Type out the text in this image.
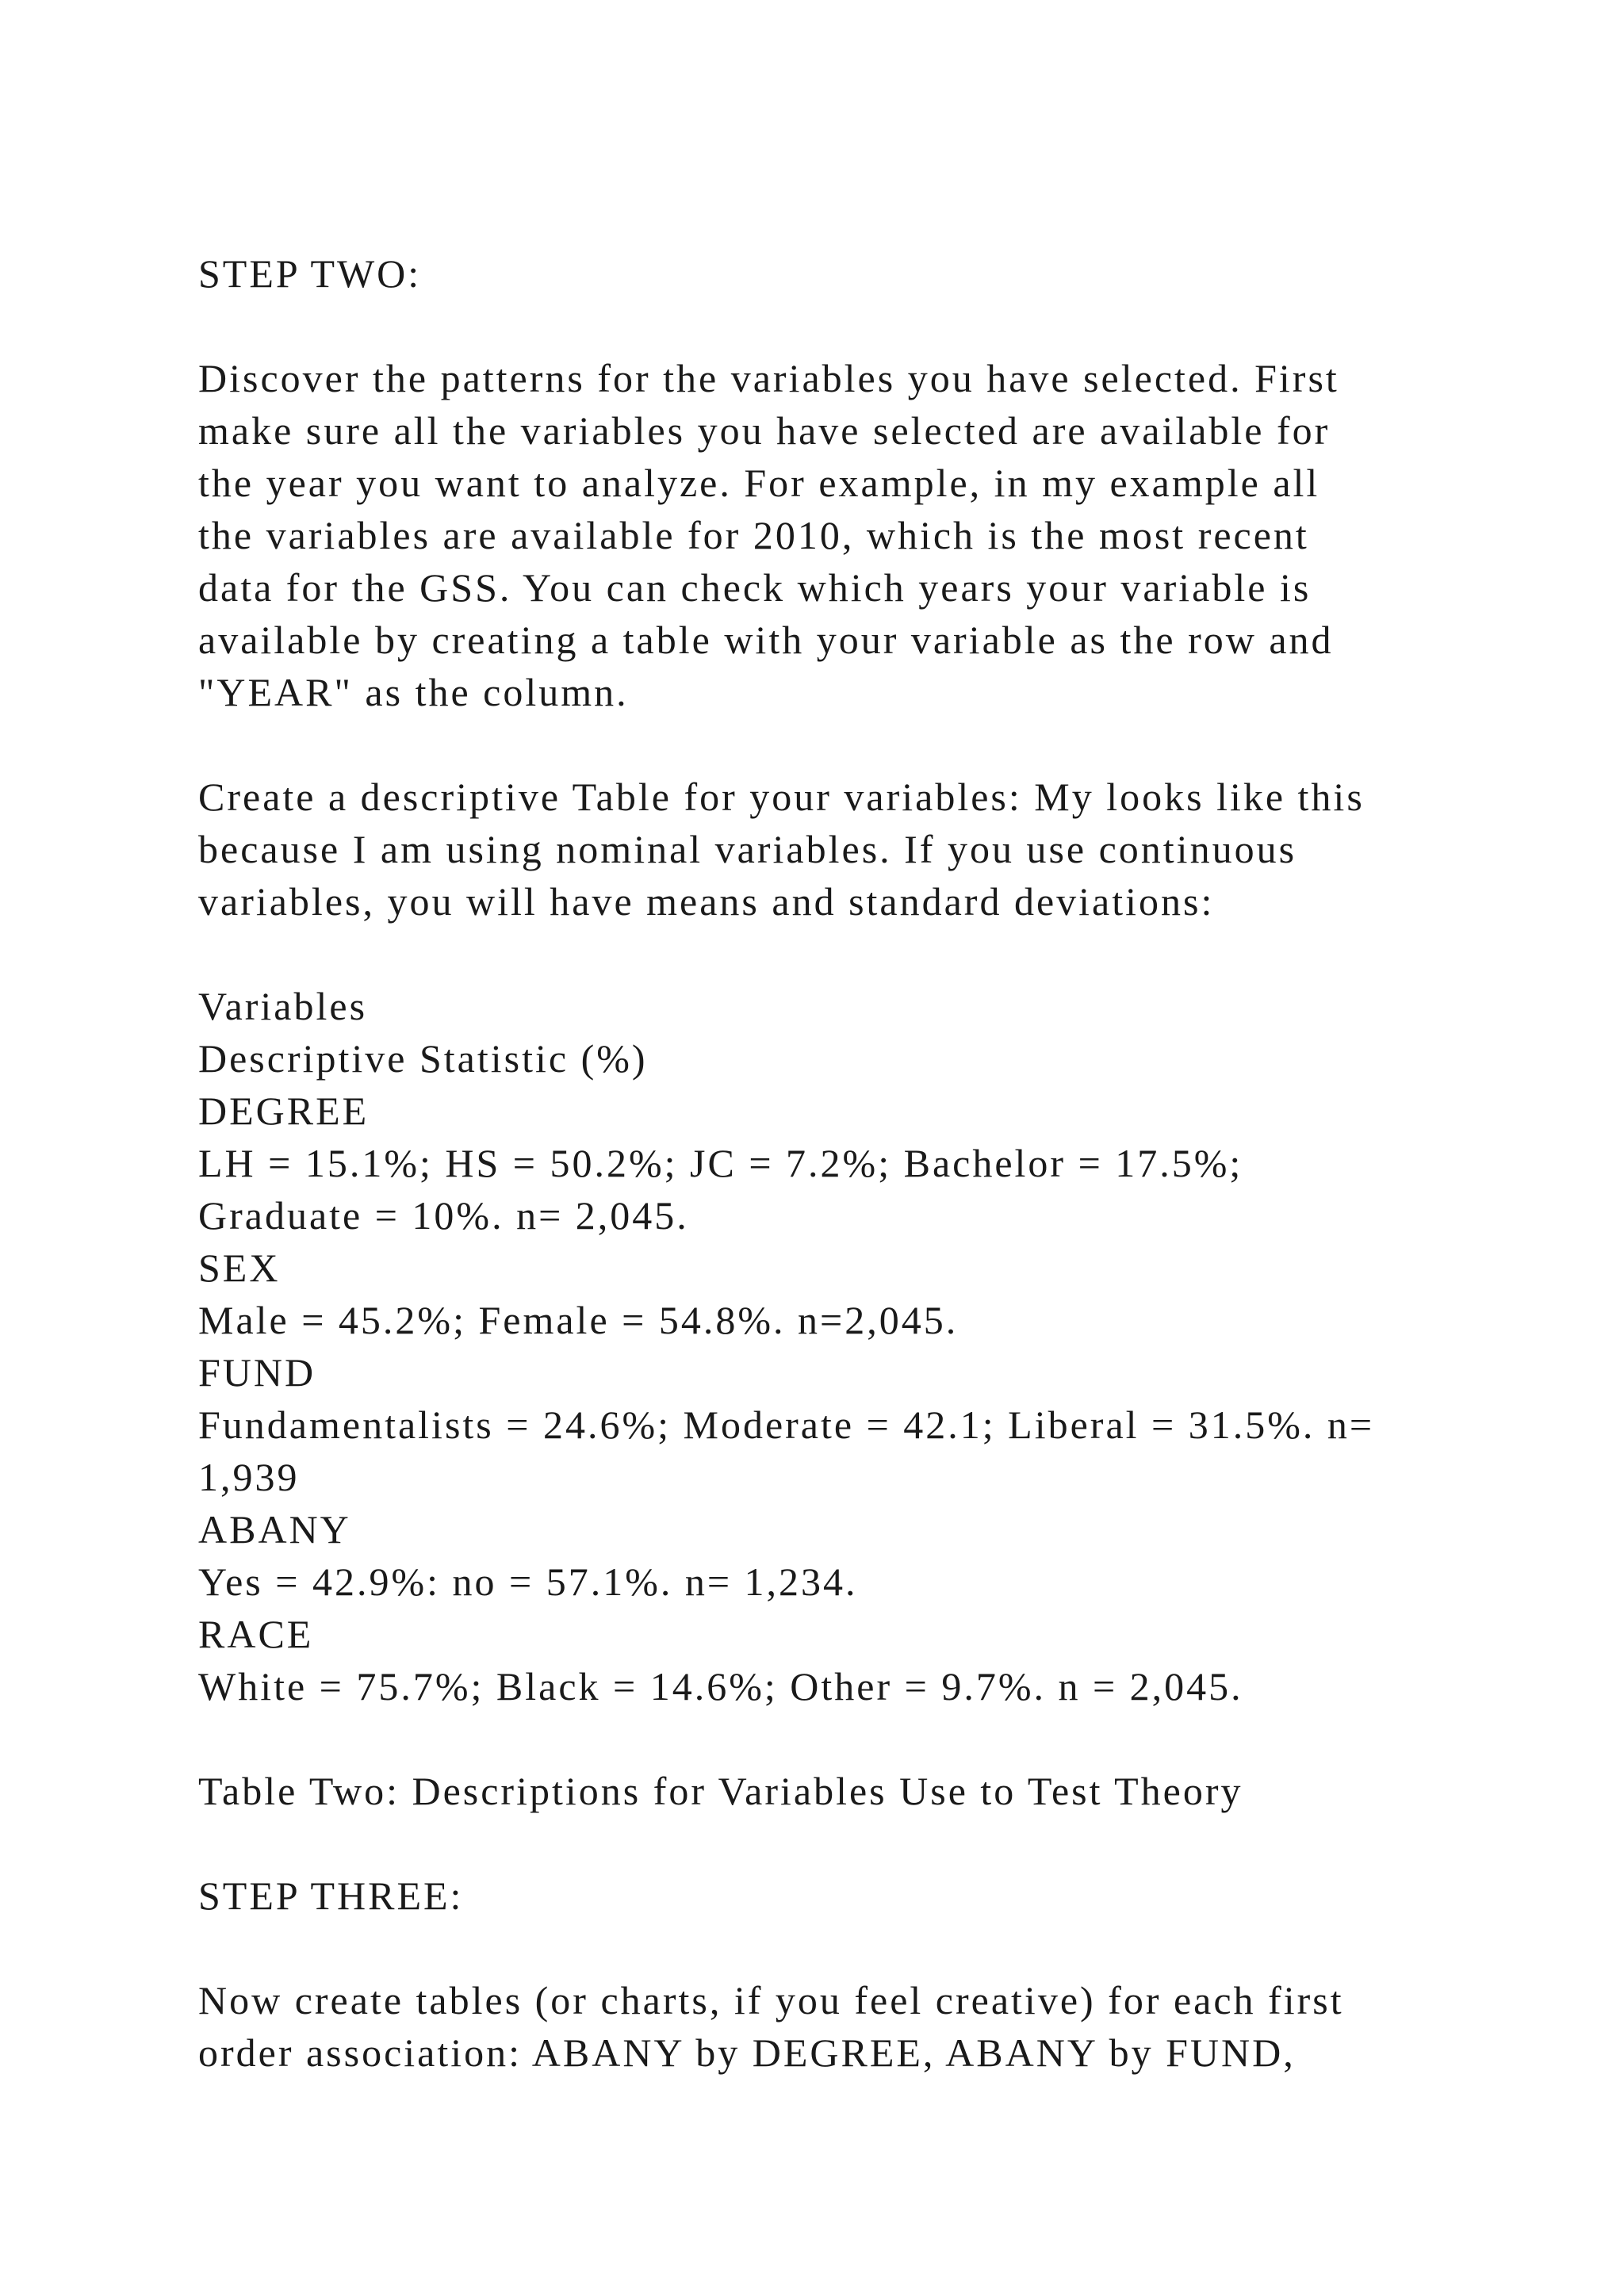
STEP TWO:
Discover the patterns for the variables you have selected. First
make sure all the variables you have selected are available for
the year you want to analyze. For example, in my example all
the variables are available for 2010, which is the most recent
data for the GSS. You can check which years your variable is
available by creating a table with your variable as the row and
"YEAR" as the column.
Create a descriptive Table for your variables: My looks like this
because I am using nominal variables. If you use continuous
variables, you will have means and standard deviations:
Variables
Descriptive Statistic (%)
DEGREE
LH = 15.1%; HS = 50.2%; JC = 7.2%; Bachelor = 17.5%;
Graduate = 10%. n= 2,045.
SEX
Male = 45.2%; Female = 54.8%. n=2,045.
FUND
Fundamentalists = 24.6%; Moderate = 42.1; Liberal = 31.5%. n=
1,939
ABANY
Yes = 42.9%: no = 57.1%. n= 1,234.
RACE
White = 75.7%; Black = 14.6%; Other = 9.7%. n = 2,045.
Table Two: Descriptions for Variables Use to Test Theory
STEP THREE:
Now create tables (or charts, if you feel creative) for each first
order association: ABANY by DEGREE, ABANY by FUND,
